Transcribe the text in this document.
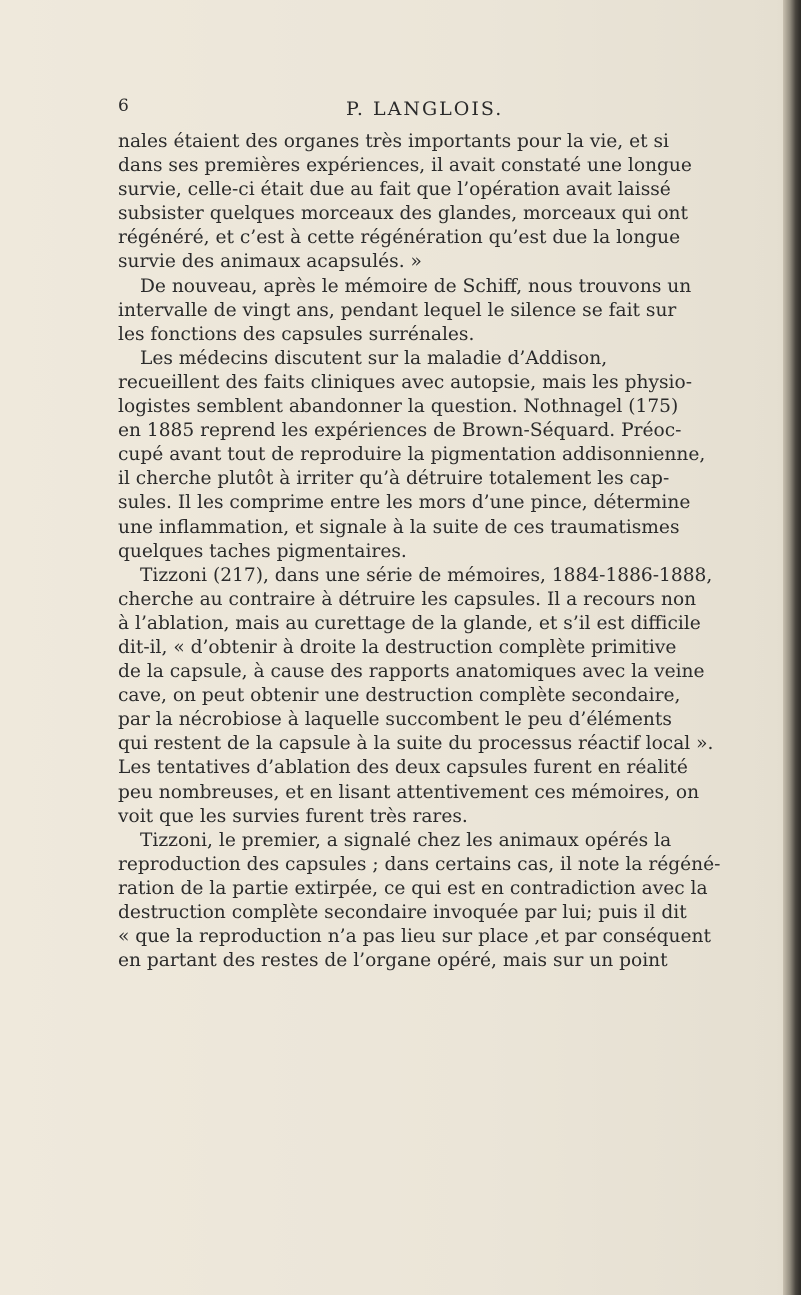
6	P. LANGLOIS.
nales étaient des organes très importants pour la vie, et si
dans ses premières expériences, il avait constaté une longue
survie, celle-ci était due au fait que l’opération avait laissé
subsister quelques morceaux des glandes, morceaux qui ont
régénéré, et c’est à cette régénération qu’est due la longue
survie des animaux acapsulés. »
De nouveau, après le mémoire de Schiff, nous trouvons un
intervalle de vingt ans, pendant lequel le silence se fait sur
les fonctions des capsules surrénales.
Les médecins discutent sur la maladie d’Addison,
recueillent des faits cliniques avec autopsie, mais les physio-
logistes semblent abandonner la question. Nothnagel (175)
en 1885 reprend les expériences de Brown-Séquard. Préoc-
cupé avant tout de reproduire la pigmentation addisonnienne,
il cherche plutôt à irriter qu’à détruire totalement les cap-
sules. Il les comprime entre les mors d’une pince, détermine
une inflammation, et signale à la suite de ces traumatismes
quelques taches pigmentaires.
Tizzoni (217), dans une série de mémoires, 1884-1886-1888,
cherche au contraire à détruire les capsules. Il a recours non
à l’ablation, mais au curettage de la glande, et s’il est difficile
dit-il, « d’obtenir à droite la destruction complète primitive
de la capsule, à cause des rapports anatomiques avec la veine
cave, on peut obtenir une destruction complète secondaire,
par la nécrobiose à laquelle succombent le peu d’éléments
qui restent de la capsule à la suite du processus réactif local ».
Les tentatives d’ablation des deux capsules furent en réalité
peu nombreuses, et en lisant attentivement ces mémoires, on
voit que les survies furent très rares.
Tizzoni, le premier, a signalé chez les animaux opérés la
reproduction des capsules ; dans certains cas, il note la régéné-
ration de la partie extirpée, ce qui est en contradiction avec la
destruction complète secondaire invoquée par lui; puis il dit
« que la reproduction n’a pas lieu sur place ,et par conséquent
en partant des restes de l’organe opéré, mais sur un point
